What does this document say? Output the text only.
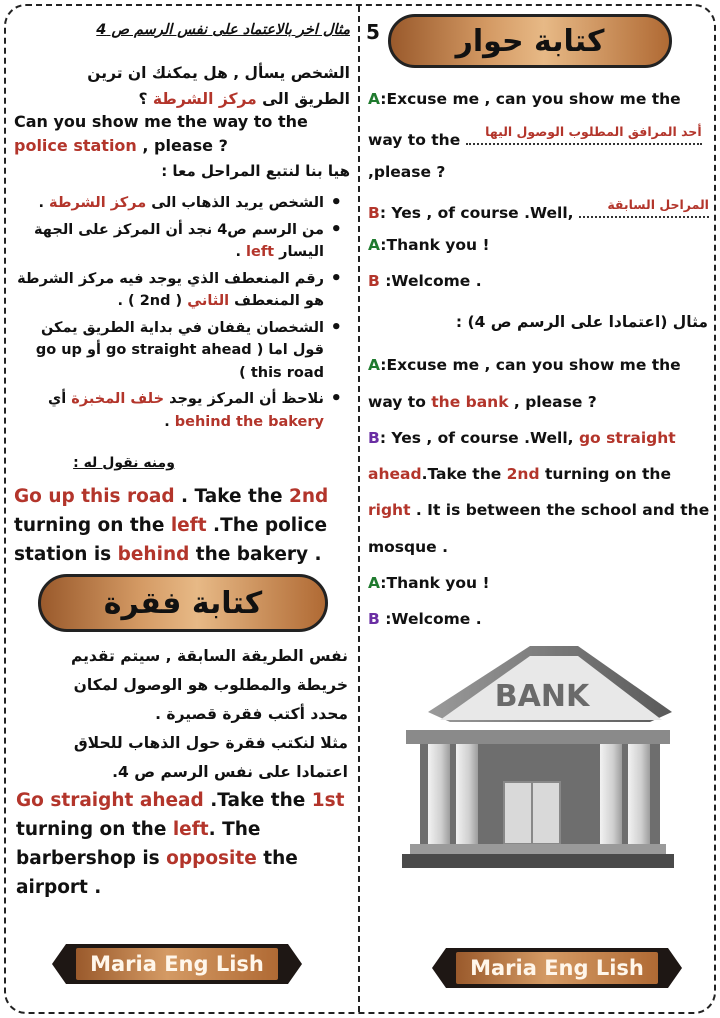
مثال اخر بالاعتماد على نفس الرسم ص 4
الشخص يسأل , هل يمكنك ان ترين
الطريق الى مركز الشرطة ؟
Can you show me the way to the
police station , please ?
هيا بنا لنتبع المراحل معا :
• الشخص يريد الذهاب الى مركز الشرطة .
• من الرسم ص4 نجد أن المركز على الجهة اليسار left .
• رقم المنعطف الذي يوجد فيه مركز الشرطة هو المنعطف الثاني ( 2nd ) .
• الشخصان يقفان في بداية الطريق يمكن قول اما ( go straight ahead أو go up this road )
• نلاحظ أن المركز يوجد خلف المخبزة أي behind the bakery .
ومنه نقول له :
Go up this road . Take the 2nd turning on the left .The police station is behind the bakery .
كتابة فقرة
نفس الطريقة السابقة , سيتم تقديم
خريطة والمطلوب هو الوصول لمكان
محدد أكتب فقرة قصيرة .
مثلا لنكتب فقرة حول الذهاب للحلاق
اعتمادا على نفس الرسم ص 4.
Go straight ahead .Take the 1st turning on the left. The barbershop is opposite the airport .
Maria Eng Lish
5	كتابة حوار
A:Excuse me , can you show me the
way to the أحد المرافق المطلوب الوصول اليها
,please ?
B: Yes , of course .Well, المراحل السابقة
A:Thank you !
B :Welcome .
مثال (اعتمادا على الرسم ص 4) :
A:Excuse me , can you show me the
way to the bank , please ?
B: Yes , of course .Well, go straight
ahead.Take the 2nd turning on the
right . It is between the school and the
mosque .
A:Thank you !
B :Welcome .
BANK
Maria Eng Lish
